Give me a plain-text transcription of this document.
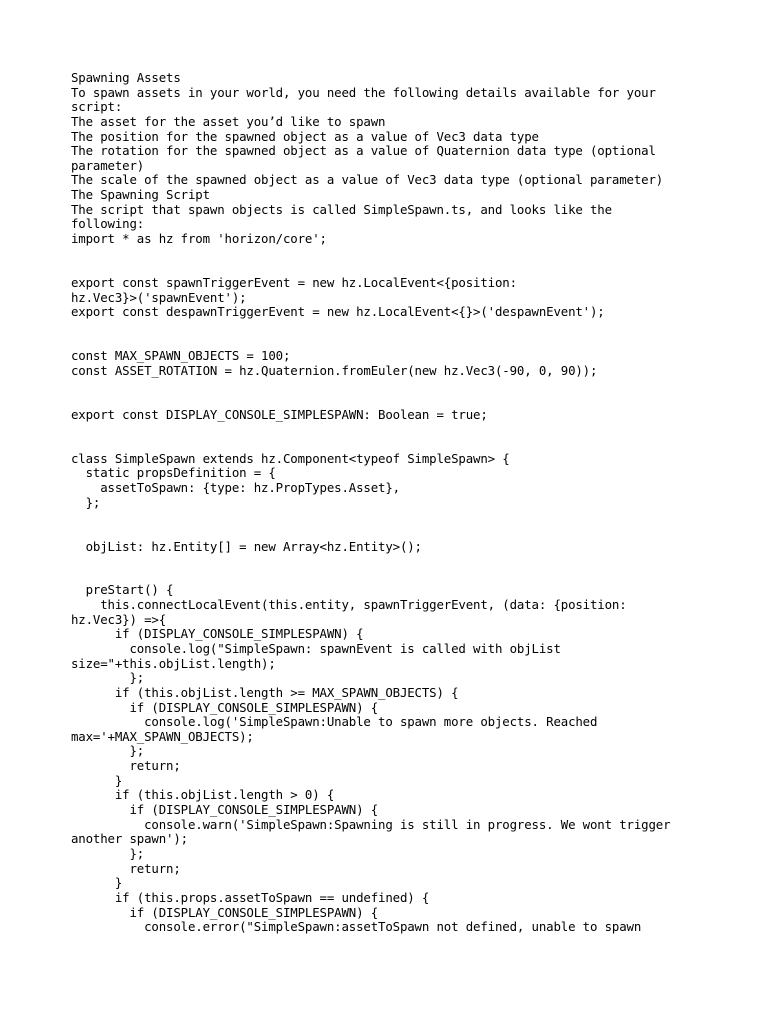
Spawning Assets
To spawn assets in your world, you need the following details available for your
script:
The asset for the asset you’d like to spawn
The position for the spawned object as a value of Vec3 data type
The rotation for the spawned object as a value of Quaternion data type (optional
parameter)
The scale of the spawned object as a value of Vec3 data type (optional parameter)
The Spawning Script
The script that spawn objects is called SimpleSpawn.ts, and looks like the
following:
import * as hz from 'horizon/core';
export const spawnTriggerEvent = new hz.LocalEvent<{position:
hz.Vec3}>('spawnEvent');
export const despawnTriggerEvent = new hz.LocalEvent<{}>('despawnEvent');
const MAX_SPAWN_OBJECTS = 100;
const ASSET_ROTATION = hz.Quaternion.fromEuler(new hz.Vec3(-90, 0, 90));
export const DISPLAY_CONSOLE_SIMPLESPAWN: Boolean = true;
class SimpleSpawn extends hz.Component<typeof SimpleSpawn> {
static propsDefinition = {
assetToSpawn: {type: hz.PropTypes.Asset},
};
objList: hz.Entity[] = new Array<hz.Entity>();
preStart() {
this.connectLocalEvent(this.entity, spawnTriggerEvent, (data: {position:
hz.Vec3}) =>{
if (DISPLAY_CONSOLE_SIMPLESPAWN) {
console.log("SimpleSpawn: spawnEvent is called with objList
size="+this.objList.length);
};
if (this.objList.length >= MAX_SPAWN_OBJECTS) {
if (DISPLAY_CONSOLE_SIMPLESPAWN) {
console.log('SimpleSpawn:Unable to spawn more objects. Reached
max='+MAX_SPAWN_OBJECTS);
};
return;
}
if (this.objList.length > 0) {
if (DISPLAY_CONSOLE_SIMPLESPAWN) {
console.warn('SimpleSpawn:Spawning is still in progress. We wont trigger
another spawn');
};
return;
}
if (this.props.assetToSpawn == undefined) {
if (DISPLAY_CONSOLE_SIMPLESPAWN) {
console.error("SimpleSpawn:assetToSpawn not defined, unable to spawn
